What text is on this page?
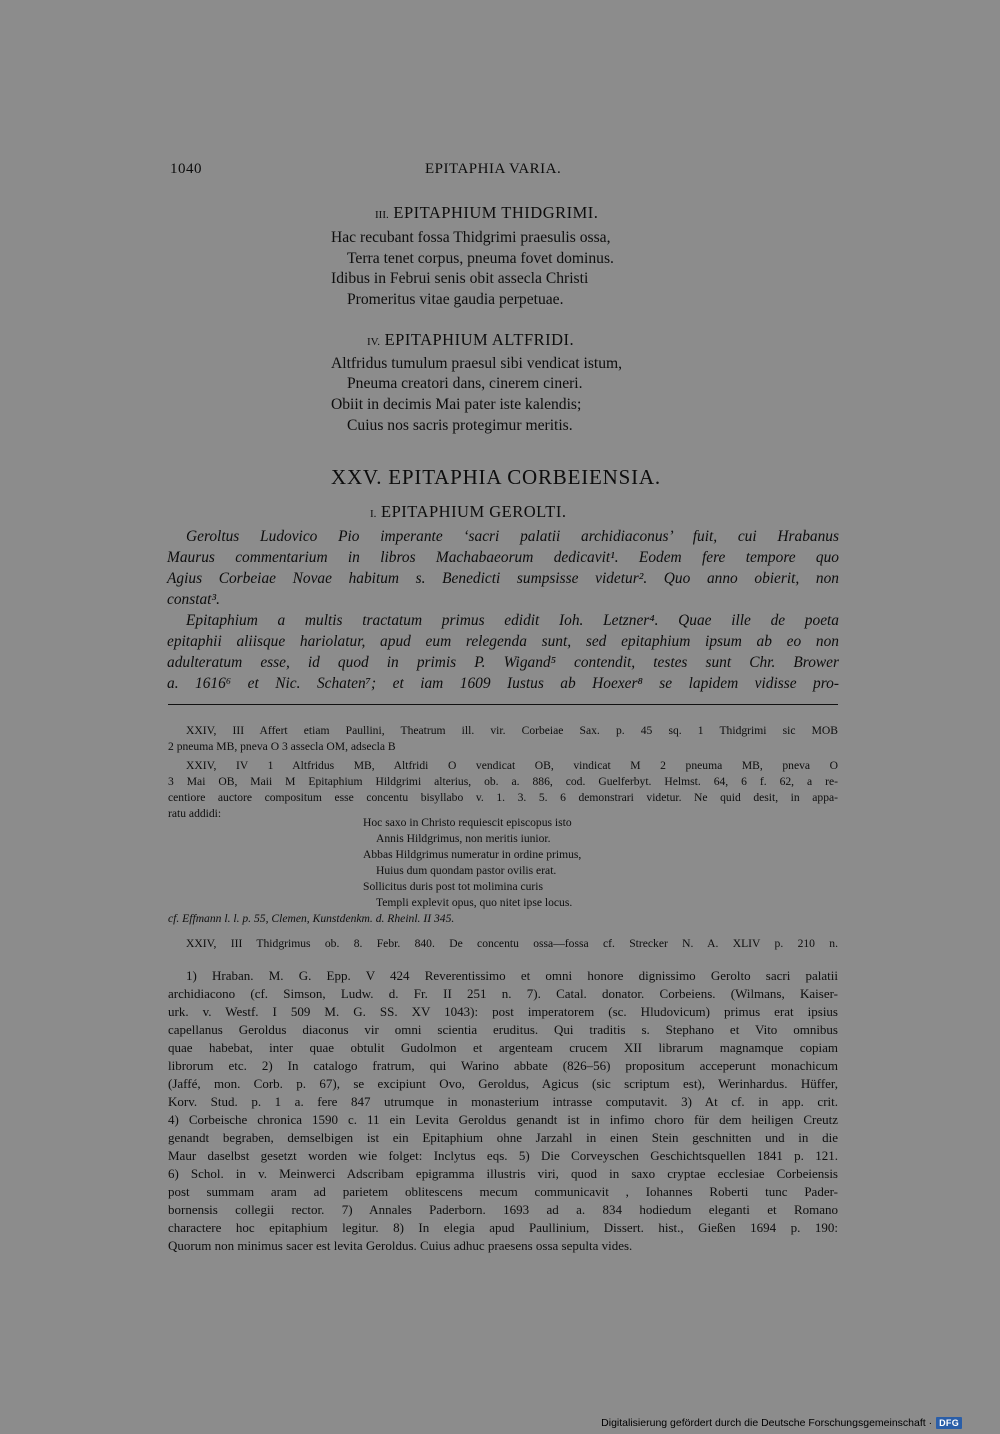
1040	EPITAPHIA VARIA.
III. EPITAPHIUM THIDGRIMI.
Hac recubant fossa Thidgrimi praesulis ossa,
Terra tenet corpus, pneuma fovet dominus.
Idibus in Februi senis obit assecla Christi
Promeritus vitae gaudia perpetuae.
IV. EPITAPHIUM ALTFRIDI.
Altfridus tumulum praesul sibi vendicat istum,
Pneuma creatori dans, cinerem cineri.
Obiit in decimis Mai pater iste kalendis;
Cuius nos sacris protegimur meritis.
XXV. EPITAPHIA CORBEIENSIA.
I. EPITAPHIUM GEROLTI.
Geroltus Ludovico Pio imperante ‘sacri palatii archidiaconus’ fuit, cui Hrabanus
Maurus commentarium in libros Machabaeorum dedicavit¹. Eodem fere tempore quo
Agius Corbeiae Novae habitum s. Benedicti sumpsisse videtur². Quo anno obierit, non
constat³.
Epitaphium a multis tractatum primus edidit Ioh. Letzner⁴. Quae ille de poeta
epitaphii aliisque hariolatur, apud eum relegenda sunt, sed epitaphium ipsum ab eo non
adulteratum esse, id quod in primis P. Wigand⁵ contendit, testes sunt Chr. Brower
a. 1616⁶ et Nic. Schaten⁷; et iam 1609 Iustus ab Hoexer⁸ se lapidem vidisse pro-
XXIV, III Affert etiam Paullini, Theatrum ill. vir. Corbeiae Sax. p. 45 sq. 1 Thidgrimi sic MOB
2 pneuma MB, pneva O 3 assecla OM, adsecla B
XXIV, IV 1 Altfridus MB, Altfridi O vendicat OB, vindicat M 2 pneuma MB, pneva O
3 Mai OB, Maii M Epitaphium Hildgrimi alterius, ob. a. 886, cod. Guelferbyt. Helmst. 64, 6 f. 62, a re-
centiore auctore compositum esse concentu bisyllabo v. 1. 3. 5. 6 demonstrari videtur. Ne quid desit, in appa-
ratu addidi:
Hoc saxo in Christo requiescit episcopus isto
Annis Hildgrimus, non meritis iunior.
Abbas Hildgrimus numeratur in ordine primus,
Huius dum quondam pastor ovilis erat.
Sollicitus duris post tot molimina curis
Templi explevit opus, quo nitet ipse locus.
cf. Effmann l. l. p. 55, Clemen, Kunstdenkm. d. Rheinl. II 345.
XXIV, III Thidgrimus ob. 8. Febr. 840. De concentu ossa—fossa cf. Strecker N. A. XLIV p. 210 n.
1) Hraban. M. G. Epp. V 424 Reverentissimo et omni honore dignissimo Gerolto sacri palatii
archidiacono (cf. Simson, Ludw. d. Fr. II 251 n. 7). Catal. donator. Corbeiens. (Wilmans, Kaiser-
urk. v. Westf. I 509 M. G. SS. XV 1043): post imperatorem (sc. Hludovicum) primus erat ipsius
capellanus Geroldus diaconus vir omni scientia eruditus. Qui traditis s. Stephano et Vito omnibus
quae habebat, inter quae obtulit Gudolmon et argenteam crucem XII librarum magnamque copiam
librorum etc. 2) In catalogo fratrum, qui Warino abbate (826–56) propositum acceperunt monachicum
(Jaffé, mon. Corb. p. 67), se excipiunt Ovo, Geroldus, Agicus (sic scriptum est), Werinhardus. Hüffer,
Korv. Stud. p. 1 a. fere 847 utrumque in monasterium intrasse computavit. 3) At cf. in app. crit.
4) Corbeische chronica 1590 c. 11 ein Levita Geroldus genandt ist in infimo choro für dem heiligen Creutz
genandt begraben, demselbigen ist ein Epitaphium ohne Jarzahl in einen Stein geschnitten und in die
Maur daselbst gesetzt worden wie folget: Inclytus eqs. 5) Die Corveyschen Geschichtsquellen 1841 p. 121.
6) Schol. in v. Meinwerci Adscribam epigramma illustris viri, quod in saxo cryptae ecclesiae Corbeiensis
post summam aram ad parietem oblitescens mecum communicavit , Iohannes Roberti tunc Pader-
bornensis collegii rector. 7) Annales Paderborn. 1693 ad a. 834 hodiedum eleganti et Romano
charactere hoc epitaphium legitur. 8) In elegia apud Paullinium, Dissert. hist., Gießen 1694 p. 190:
Quorum non minimus sacer est levita Geroldus. Cuius adhuc praesens ossa sepulta vides.
Digitalisierung gefördert durch die Deutsche Forschungsgemeinschaft · DFG
